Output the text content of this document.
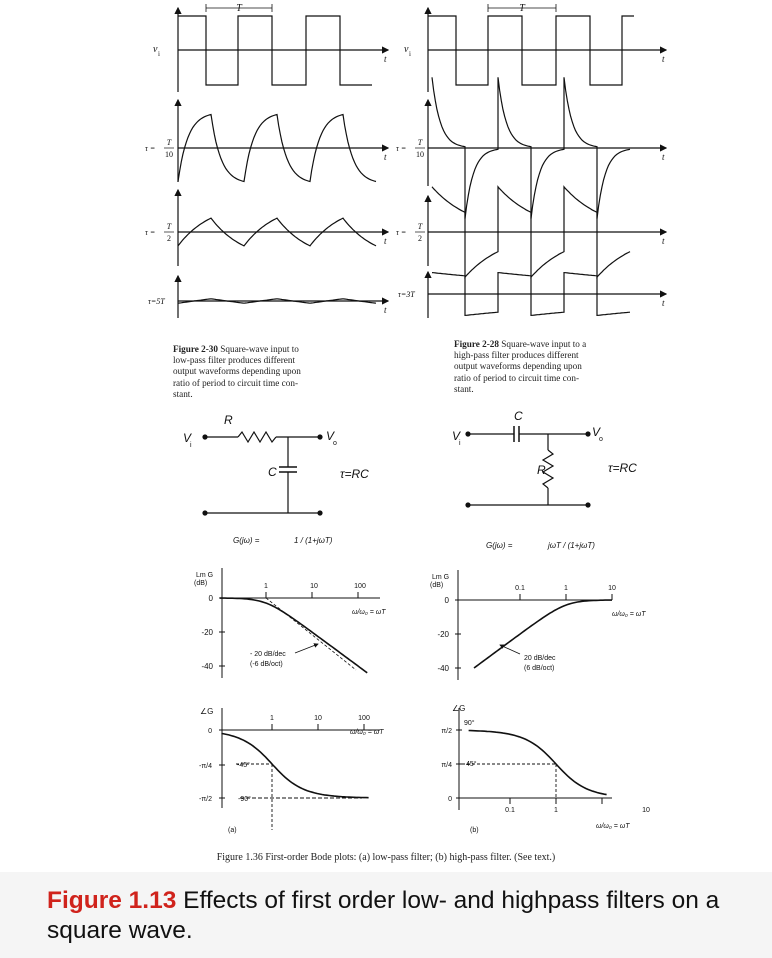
t
T
v i
t
t
t
τ =
T
10
τ =
T
2
τ=5T
t
T
v i
t
t
t
τ =
T
10
τ =
T
2
τ=3T
V
i
R
V
o
C	τ=RC
V
i
C
V
o
R	τ=RC
G(jω) =	1 / (1+jωT)
G(jω) =	jωT / (1+jωT)
0
-20
-40
Lm G
(dB)	1	10	100
ω/ω₀ = ωT
- 20 dB/dec
(-6 dB/oct)
0
-20
-40
Lm G
(dB)	0.1	1	10
ω/ω₀ = ωT
20 dB/dec
(6 dB/oct)
∠G
0
-π/4
-π/2
1	10	100
-45°
-90°
ω/ω₀ = ωT
∠G
π/2
π/4
0
0.1	1	10
90°
45°
ω/ω₀ = ωT
(a)	(b)
Figure 2-30 Square-wave input to
low-pass filter produces different
output waveforms depending upon
ratio of period to circuit time con-
stant.
Figure 2-28 Square-wave input to a
high-pass filter produces different
output waveforms depending upon
ratio of period to circuit time con-
stant.
Figure 1.36 First-order Bode plots: (a) low-pass filter; (b) high-pass filter. (See text.)
Figure 1.13 Effects of first order low- and highpass filters on a square wave.
